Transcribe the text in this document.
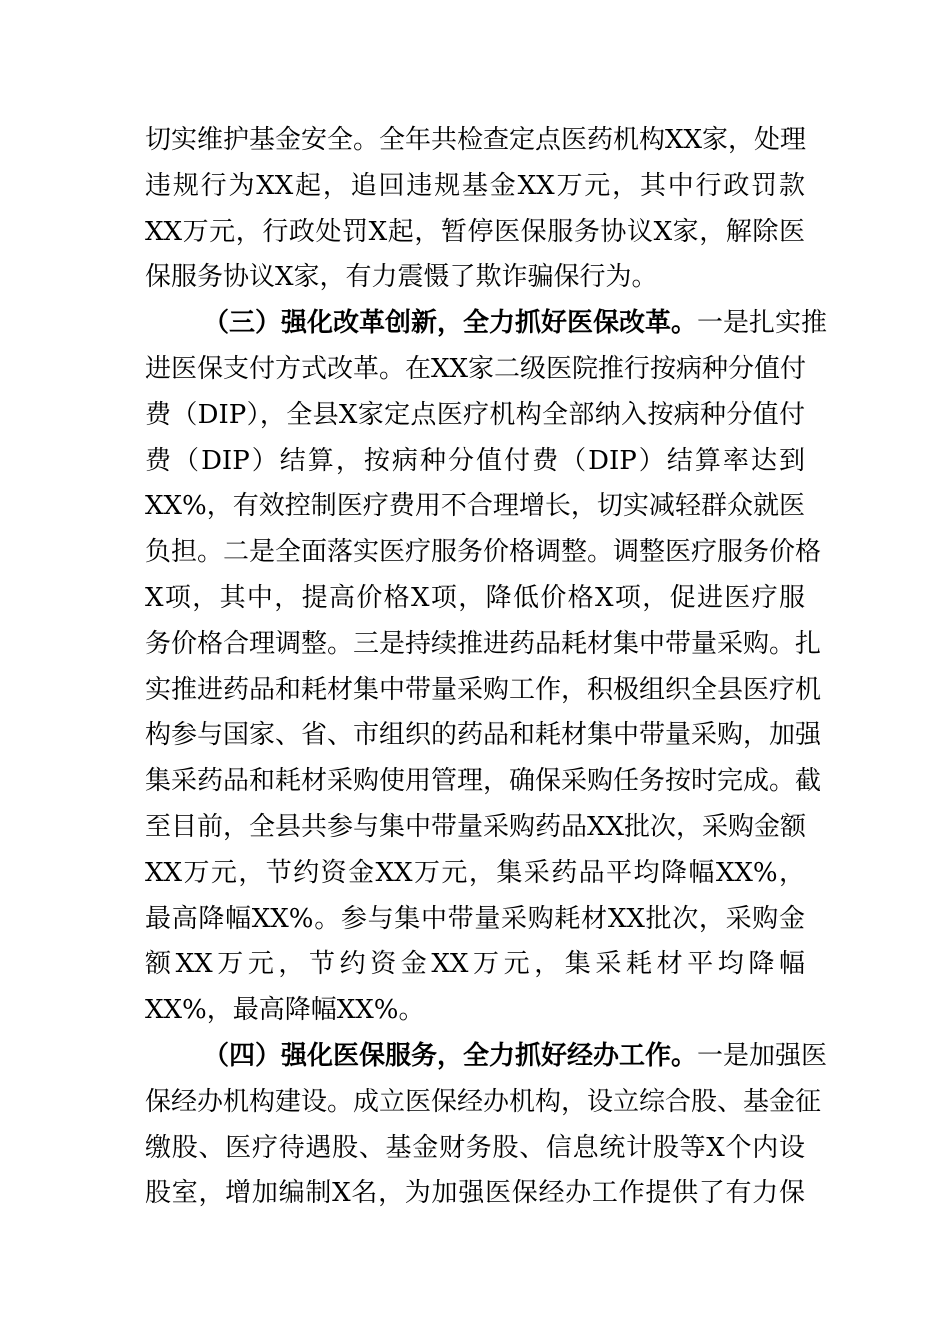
切实维护基金安全。全年共检查定点医药机构XX家，处理
违规行为XX起，追回违规基金XX万元，其中行政罚款
XX万元，行政处罚X起，暂停医保服务协议X家，解除医
保服务协议X家，有力震慑了欺诈骗保行为。
（三）强化改革创新，全力抓好医保改革。一是扎实推
进医保支付方式改革。在XX家二级医院推行按病种分值付
费（DIP），全县X家定点医疗机构全部纳入按病种分值付
费（DIP）结算，按病种分值付费（DIP）结算率达到
XX%，有效控制医疗费用不合理增长，切实减轻群众就医
负担。二是全面落实医疗服务价格调整。调整医疗服务价格
X项，其中，提高价格X项，降低价格X项，促进医疗服
务价格合理调整。三是持续推进药品耗材集中带量采购。扎
实推进药品和耗材集中带量采购工作，积极组织全县医疗机
构参与国家、省、市组织的药品和耗材集中带量采购，加强
集采药品和耗材采购使用管理，确保采购任务按时完成。截
至目前，全县共参与集中带量采购药品XX批次，采购金额
XX万元，节约资金XX万元，集采药品平均降幅XX%，
最高降幅XX%。参与集中带量采购耗材XX批次，采购金
额XX万元，节约资金XX万元，集采耗材平均降幅
XX%，最高降幅XX%。
（四）强化医保服务，全力抓好经办工作。一是加强医
保经办机构建设。成立医保经办机构，设立综合股、基金征
缴股、医疗待遇股、基金财务股、信息统计股等X个内设
股室，增加编制X名，为加强医保经办工作提供了有力保
